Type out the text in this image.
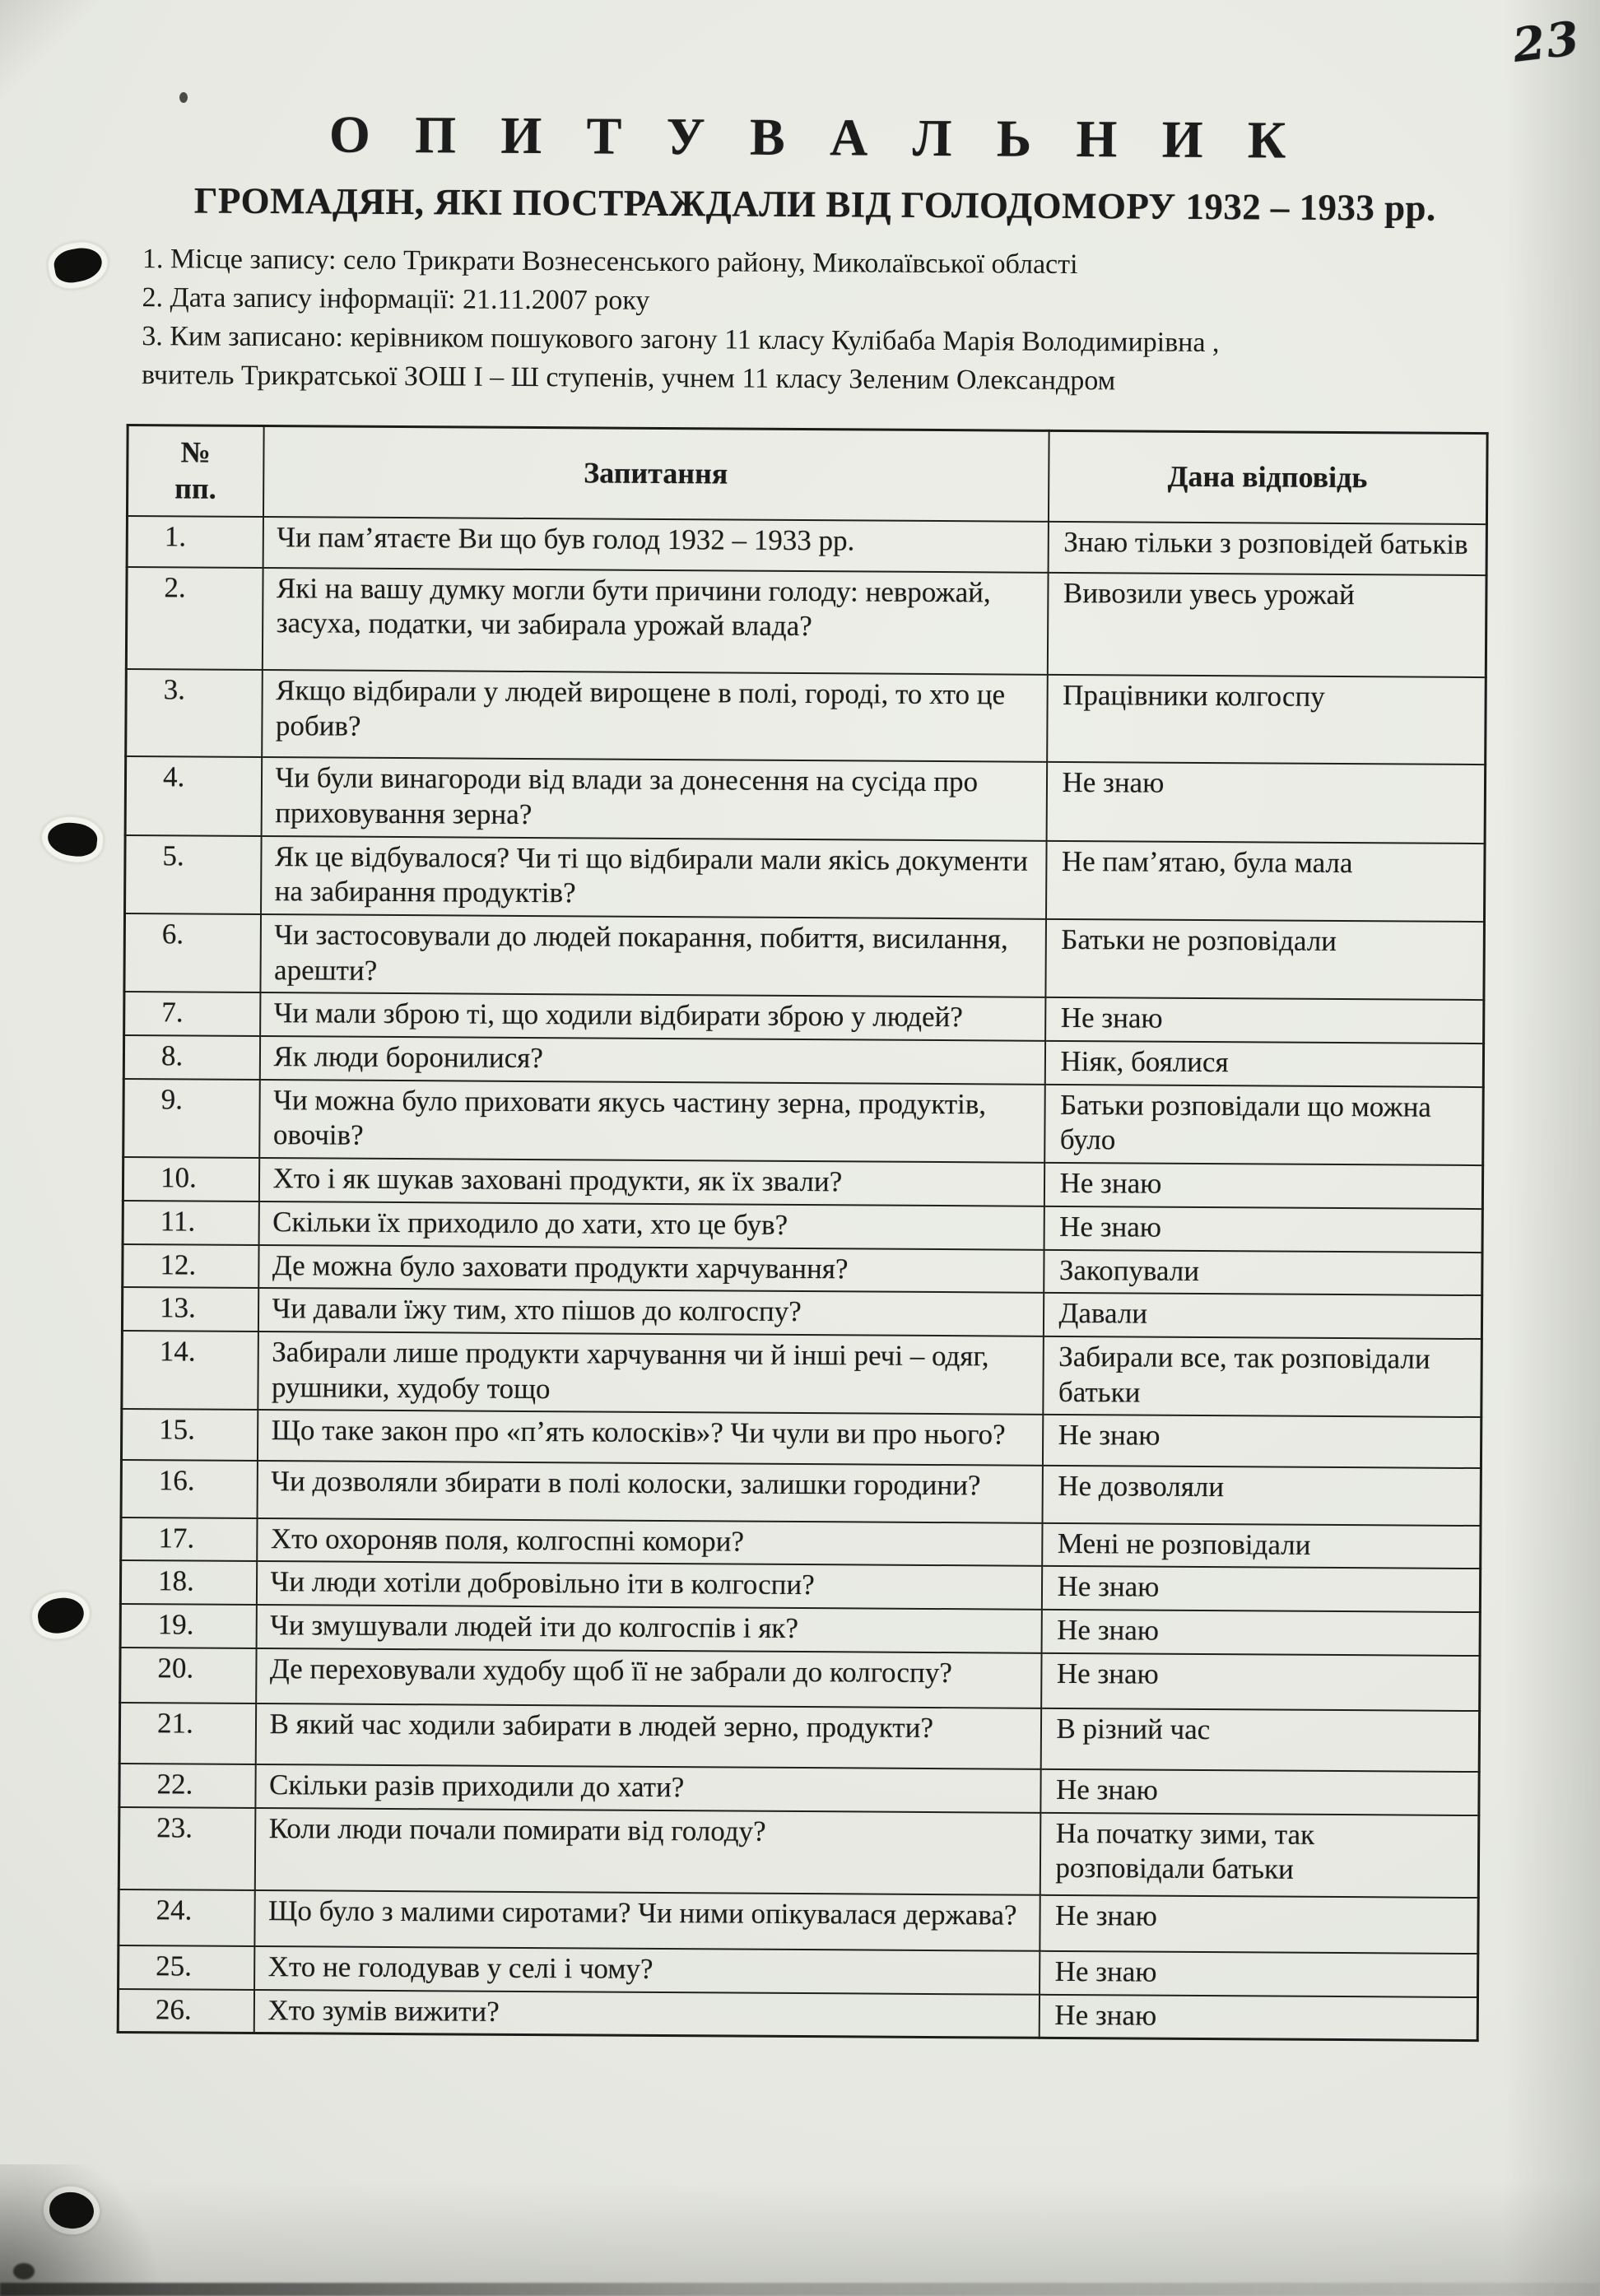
23
О П И Т У В А Л Ь Н И К
ГРОМАДЯН, ЯКІ ПОСТРАЖДАЛИ ВІД ГОЛОДОМОРУ 1932 – 1933 рр.
1. Місце запису: село Трикрати Вознесенського району, Миколаївської області
2. Дата запису інформації: 21.11.2007 року
3. Ким записано: керівником пошукового загону 11 класу Кулібаба Марія Володимирівна ,
вчитель Трикратської ЗОШ І – Ш ступенів, учнем 11 класу Зеленим Олександром
№
пп.	Запитання	Дана відповідь
1.	Чи пам’ятаєте Ви що був голод 1932 – 1933 рр.	Знаю тільки з розповідей батьків
2.	Які на вашу думку могли бути причини голоду: неврожай, засуха, податки, чи забирала урожай влада?	Вивозили увесь урожай
3.	Якщо відбирали у людей вирощене в полі, городі, то хто це робив?	Працівники колгоспу
4.	Чи були винагороди від влади за донесення на сусіда про приховування зерна?	Не знаю
5.	Як це відбувалося? Чи ті що відбирали мали якісь документи на забирання продуктів?	Не пам’ятаю, була мала
6.	Чи застосовували до людей покарання, побиття, висилання, арешти?	Батьки не розповідали
7.	Чи мали зброю ті, що ходили відбирати зброю у людей?	Не знаю
8.	Як люди боронилися?	Ніяк, боялися
9.	Чи можна було приховати якусь частину зерна, продуктів, овочів?	Батьки розповідали що можна було
10.	Хто і як шукав заховані продукти, як їх звали?	Не знаю
11.	Скільки їх приходило до хати, хто це був?	Не знаю
12.	Де можна було заховати продукти харчування?	Закопували
13.	Чи давали їжу тим, хто пішов до колгоспу?	Давали
14.	Забирали лише продукти харчування чи й інші речі – одяг, рушники, худобу тощо	Забирали все, так розповідали батьки
15.	Що таке закон про «п’ять колосків»? Чи чули ви про нього?	Не знаю
16.	Чи дозволяли збирати в полі колоски, залишки городини?	Не дозволяли
17.	Хто охороняв поля, колгоспні комори?	Мені не розповідали
18.	Чи люди хотіли добровільно іти в колгоспи?	Не знаю
19.	Чи змушували людей іти до колгоспів і як?	Не знаю
20.	Де переховували худобу щоб її не забрали до колгоспу?	Не знаю
21.	В який час ходили забирати в людей зерно, продукти?	В різний час
22.	Скільки разів приходили до хати?	Не знаю
23.	Коли люди почали помирати від голоду?	На початку зими, так розповідали батьки
24.	Що було з малими сиротами? Чи ними опікувалася держава?	Не знаю
25.	Хто не голодував у селі і чому?	Не знаю
26.	Хто зумів вижити?	Не знаю
